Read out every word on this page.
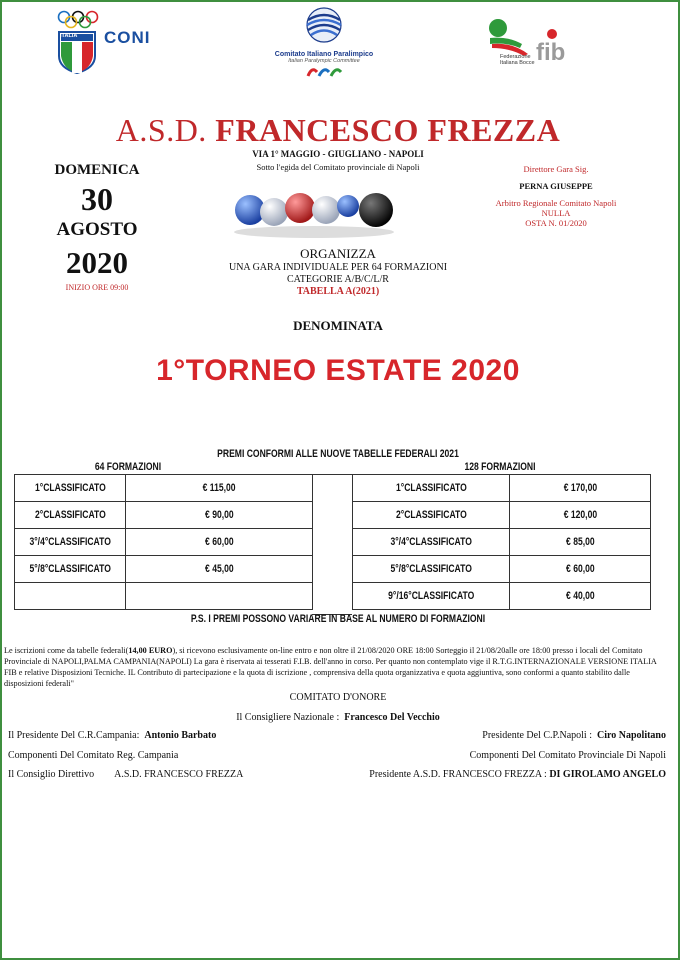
ITALIA CONI
Comitato Italiano Paralimpico
Italian Paralympic Committee	fib
Federazione
Italiana Bocce
A.S.D. FRANCESCO FREZZA
VIA 1° MAGGIO - GIUGLIANO - NAPOLI
Sotto l'egida del Comitato provinciale di Napoli
DOMENICA
30
AGOSTO
2020
INIZIO ORE 09:00
Direttore Gara Sig.
PERNA GIUSEPPE
Arbitro Regionale Comitato Napoli NULLA
OSTA N. 01/2020
ORGANIZZA
UNA GARA INDIVIDUALE PER 64 FORMAZIONI
CATEGORIE A/B/C/L/R
TABELLA A(2021)
DENOMINATA
1°TORNEO ESTATE 2020
PREMI CONFORMI ALLE NUOVE TABELLE FEDERALI 2021
64 FORMAZIONI	128 FORMAZIONI
1°CLASSIFICATO	€ 115,00
2°CLASSIFICATO	€ 90,00
3°/4°CLASSIFICATO	€ 60,00
5°/8°CLASSIFICATO	€ 45,00

1°CLASSIFICATO	€ 170,00
2°CLASSIFICATO	€ 120,00
3°/4°CLASSIFICATO	€ 85,00
5°/8°CLASSIFICATO	€ 60,00
9°/16°CLASSIFICATO	€ 40,00
P.S. I PREMI POSSONO VARIARE IN BASE AL NUMERO DI FORMAZIONI
Le iscrizioni come da tabelle federali(14,00 EURO), si ricevono esclusivamente on-line entro e non oltre il 21/08/2020 ORE 18:00 Sorteggio il 21/08/20alle ore 18:00 presso i locali del Comitato Provinciale di NAPOLI,PALMA CAMPANIA(NAPOLI) La gara è riservata ai tesserati F.I.B. dell'anno in corso. Per quanto non contemplato vige il R.T.G.INTERNAZIONALE VERSIONE ITALIA FIB e relative Disposizioni Tecniche. IL Contributo di partecipazione e la quota di iscrizione , comprensiva della quota organizzativa e quota aggiuntiva, sono conformi a quanto stabilito dalle disposizioni federali"
COMITATO D'ONORE
Il Consigliere Nazionale : Francesco Del Vecchio
Il Presidente Del C.R.Campania: Antonio Barbato	Presidente Del C.P.Napoli : Ciro Napolitano
Componenti Del Comitato Reg. Campania	Componenti Del Comitato Provinciale Di Napoli
Il Consiglio Direttivo A.S.D. FRANCESCO FREZZA	Presidente A.S.D. FRANCESCO FREZZA : DI GIROLAMO ANGELO
